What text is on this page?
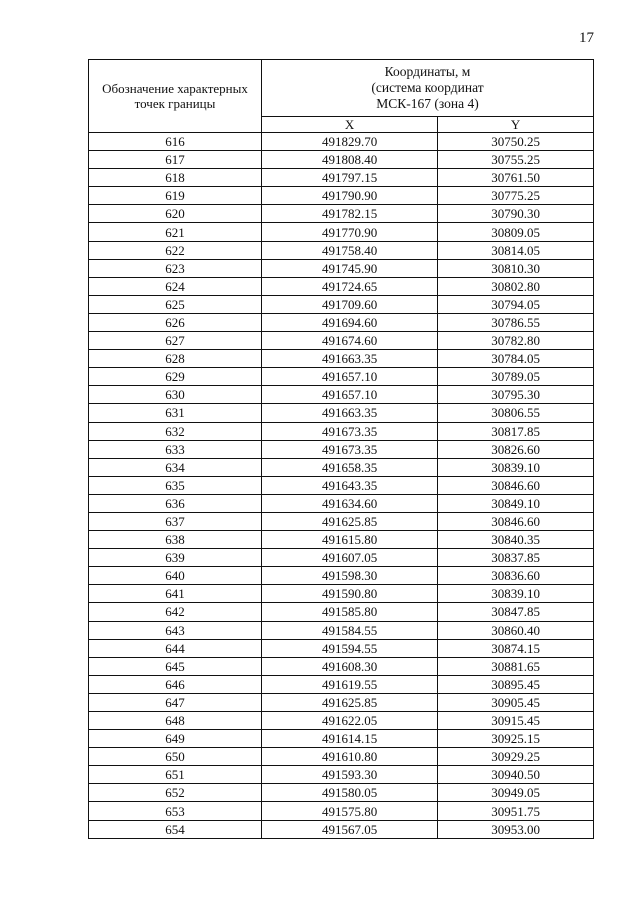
17
Обозначение характерных точек границы	Координаты, м
(система координат
МСК-167 (зона 4)	

	X	Y
616	491829.70	30750.25
617	491808.40	30755.25
618	491797.15	30761.50
619	491790.90	30775.25
620	491782.15	30790.30
621	491770.90	30809.05
622	491758.40	30814.05
623	491745.90	30810.30
624	491724.65	30802.80
625	491709.60	30794.05
626	491694.60	30786.55
627	491674.60	30782.80
628	491663.35	30784.05
629	491657.10	30789.05
630	491657.10	30795.30
631	491663.35	30806.55
632	491673.35	30817.85
633	491673.35	30826.60
634	491658.35	30839.10
635	491643.35	30846.60
636	491634.60	30849.10
637	491625.85	30846.60
638	491615.80	30840.35
639	491607.05	30837.85
640	491598.30	30836.60
641	491590.80	30839.10
642	491585.80	30847.85
643	491584.55	30860.40
644	491594.55	30874.15
645	491608.30	30881.65
646	491619.55	30895.45
647	491625.85	30905.45
648	491622.05	30915.45
649	491614.15	30925.15
650	491610.80	30929.25
651	491593.30	30940.50
652	491580.05	30949.05
653	491575.80	30951.75
654	491567.05	30953.00
